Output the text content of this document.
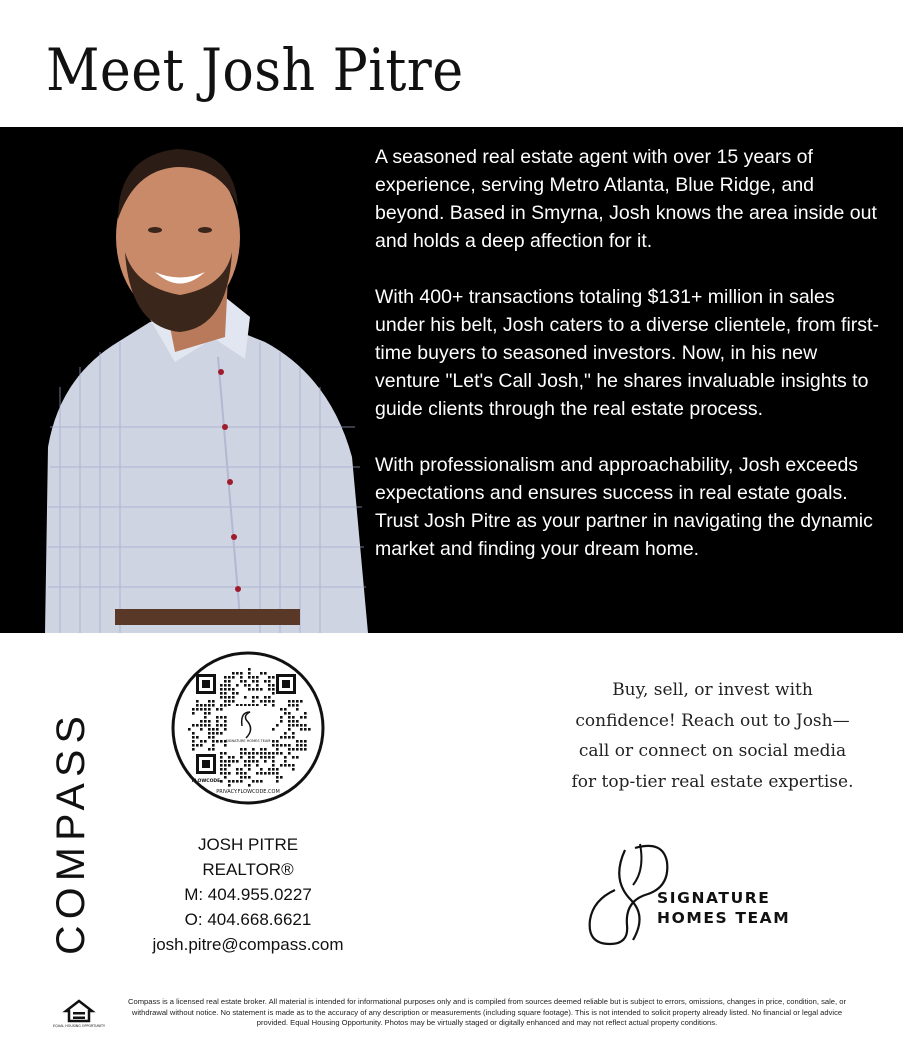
Meet Josh Pitre

A seasoned real estate agent with over 15 years of experience, serving Metro Atlanta, Blue Ridge, and beyond. Based in Smyrna, Josh knows the area inside out and holds a deep affection for it.

With 400+ transactions totaling $131+ million in sales under his belt, Josh caters to a diverse clientele, from first-time buyers to seasoned investors. Now, in his new venture "Let's Call Josh," he shares invaluable insights to guide clients through the real estate process.

With professionalism and approachability, Josh exceeds expectations and ensures success in real estate goals. Trust Josh Pitre as your partner in navigating the dynamic market and finding your dream home.

COMPASS	SIGNATURE HOMES TEAM
PRIVACY.FLOWCODE.COM
FLOWCODE
JOSH PITRE
REALTOR®
M: 404.955.0227
O: 404.668.6621
josh.pitre@compass.com
Buy, sell, or invest with
confidence! Reach out to Josh—
call or connect on social media
for top-tier real estate expertise.
SIGNATURE
HOMES TEAM
EQUAL HOUSING OPPORTUNITY
Compass is a licensed real estate broker. All material is intended for informational purposes only and is compiled from sources deemed reliable but is subject to errors, omissions, changes in price, condition, sale, or withdrawal without notice. No statement is made as to the accuracy of any description or measurements (including square footage). This is not intended to solicit property already listed. No financial or legal advice provided. Equal Housing Opportunity. Photos may be virtually staged or digitally enhanced and may not reflect actual property conditions.
